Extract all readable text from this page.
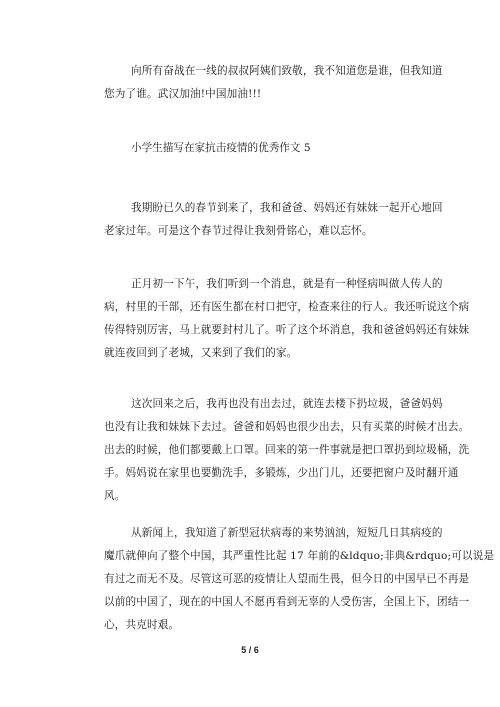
向所有奋战在一线的叔叔阿姨们致敬，我不知道您是谁，但我知道
您为了谁。武汉加油!中国加油!!!
小学生描写在家抗击疫情的优秀作文 5
我期盼已久的春节到来了，我和爸爸、妈妈还有妹妹一起开心地回
老家过年。可是这个春节过得让我刻骨铭心，难以忘怀。
正月初一下午，我们听到一个消息，就是有一种怪病叫做人传人的
病，村里的干部，还有医生都在村口把守，检查来往的行人。我还听说这个病
传得特别厉害，马上就要封村儿了。听了这个坏消息，我和爸爸妈妈还有妹妹
就连夜回到了老城，又来到了我们的家。
这次回来之后，我再也没有出去过，就连去楼下扔垃圾，爸爸妈妈
也没有让我和妹妹下去过。爸爸和妈妈也很少出去，只有买菜的时候才出去。
出去的时候，他们都要戴上口罩。回来的第一件事就是把口罩扔到垃圾桶，洗
手。妈妈说在家里也要勤洗手，多锻炼，少出门儿，还要把窗户及时翻开通
风。
从新闻上，我知道了新型冠状病毒的来势汹汹，短短几日其病疫的
魔爪就伸向了整个中国，其严重性比起 17 年前的&ldquo;非典&rdquo;可以说是
有过之而无不及。尽管这可恶的疫情让人望而生畏，但今日的中国早已不再是
以前的中国了，现在的中国人不愿再看到无辜的人受伤害，全国上下，团结一
心，共克时艰。
5 / 6
